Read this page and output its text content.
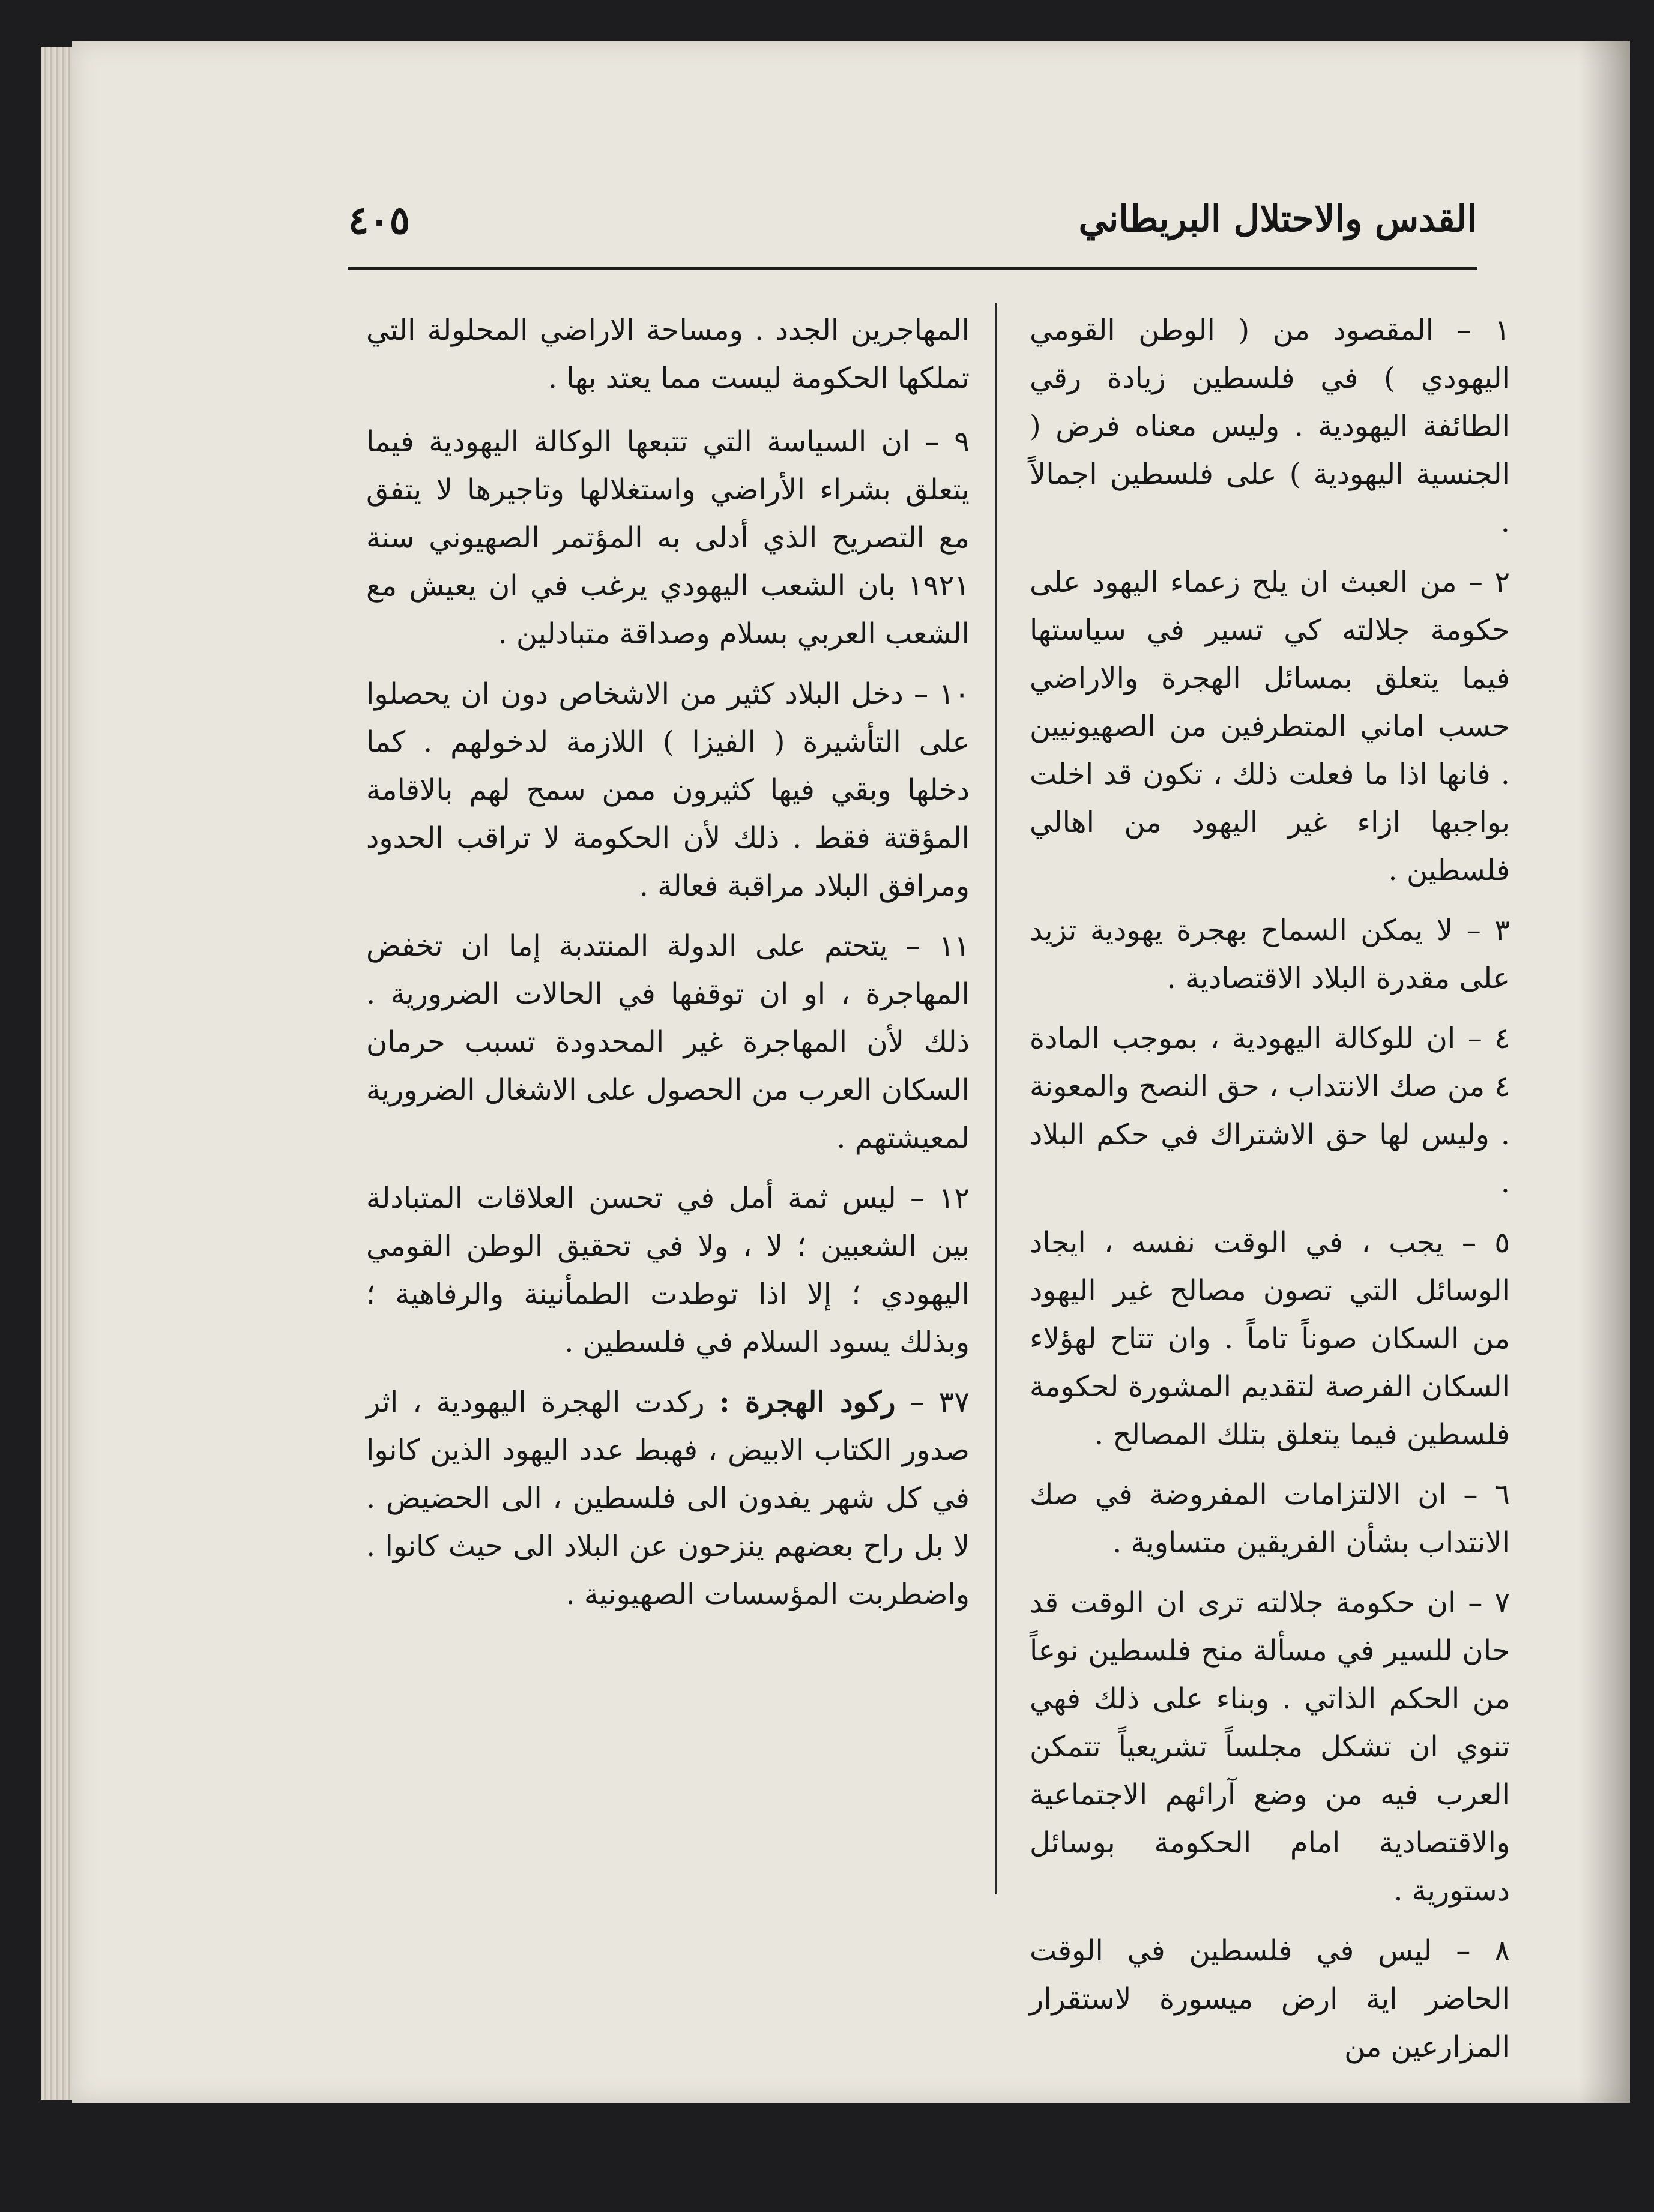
٤٠٥	القدس والاحتلال البريطاني

١ – المقصود من ( الوطن القومي اليهودي ) في فلسطين زيادة رقي الطائفة اليهودية . وليس معناه فرض ( الجنسية اليهودية ) على فلسطين اجمالاً .

٢ – من العبث ان يلح زعماء اليهود على حكومة جلالته كي تسير في سياستها فيما يتعلق بمسائل الهجرة والاراضي حسب اماني المتطرفين من الصهيونيين . فانها اذا ما فعلت ذلك ، تكون قد اخلت بواجبها ازاء غير اليهود من اهالي فلسطين .

٣ – لا يمكن السماح بهجرة يهودية تزيد على مقدرة البلاد الاقتصادية .

٤ – ان للوكالة اليهودية ، بموجب المادة ٤ من صك الانتداب ، حق النصح والمعونة . وليس لها حق الاشتراك في حكم البلاد .

٥ – يجب ، في الوقت نفسه ، ايجاد الوسائل التي تصون مصالح غير اليهود من السكان صوناً تاماً . وان تتاح لهؤلاء السكان الفرصة لتقديم المشورة لحكومة فلسطين فيما يتعلق بتلك المصالح .

٦ – ان الالتزامات المفروضة في صك الانتداب بشأن الفريقين متساوية .

٧ – ان حكومة جلالته ترى ان الوقت قد حان للسير في مسألة منح فلسطين نوعاً من الحكم الذاتي . وبناء على ذلك فهي تنوي ان تشكل مجلساً تشريعياً تتمكن العرب فيه من وضع آرائهم الاجتماعية والاقتصادية امام الحكومة بوسائل دستورية .

٨ – ليس في فلسطين في الوقت الحاضر اية ارض ميسورة لاستقرار المزارعين من

المهاجرين الجدد . ومساحة الاراضي المحلولة التي تملكها الحكومة ليست مما يعتد بها .

٩ – ان السياسة التي تتبعها الوكالة اليهودية فيما يتعلق بشراء الأراضي واستغلالها وتاجيرها لا يتفق مع التصريح الذي أدلى به المؤتمر الصهيوني سنة ١٩٢١ بان الشعب اليهودي يرغب في ان يعيش مع الشعب العربي بسلام وصداقة متبادلين .

١٠ – دخل البلاد كثير من الاشخاص دون ان يحصلوا على التأشيرة ( الفيزا ) اللازمة لدخولهم . كما دخلها وبقي فيها كثيرون ممن سمح لهم بالاقامة المؤقتة فقط . ذلك لأن الحكومة لا تراقب الحدود ومرافق البلاد مراقبة فعالة .

١١ – يتحتم على الدولة المنتدبة إما ان تخفض المهاجرة ، او ان توقفها في الحالات الضرورية . ذلك لأن المهاجرة غير المحدودة تسبب حرمان السكان العرب من الحصول على الاشغال الضرورية لمعيشتهم .

١٢ – ليس ثمة أمل في تحسن العلاقات المتبادلة بين الشعبين ؛ لا ، ولا في تحقيق الوطن القومي اليهودي ؛ إلا اذا توطدت الطمأنينة والرفاهية ؛ وبذلك يسود السلام في فلسطين .

٣٧ – ركود الهجرة : ركدت الهجرة اليهودية ، اثر صدور الكتاب الابيض ، فهبط عدد اليهود الذين كانوا في كل شهر يفدون الى فلسطين ، الى الحضيض . لا بل راح بعضهم ينزحون عن البلاد الى حيث كانوا . واضطربت المؤسسات الصهيونية .
